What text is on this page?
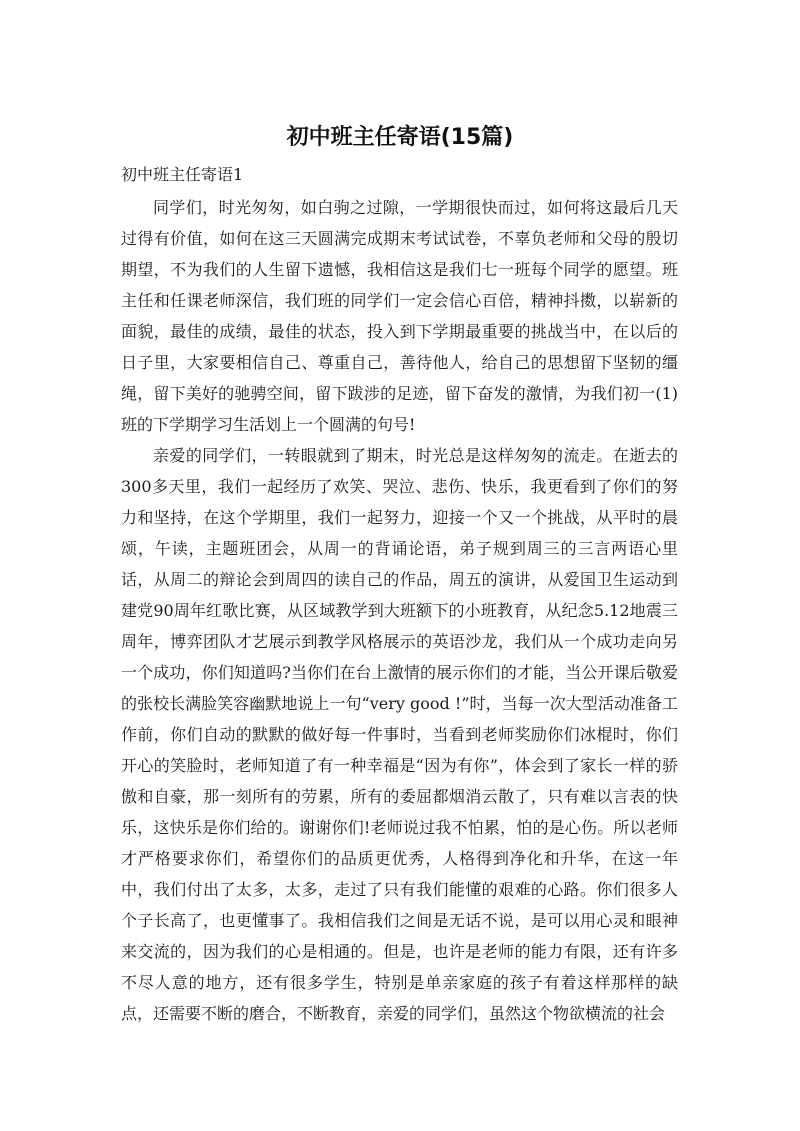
初中班主任寄语(15篇)
初中班主任寄语1

同学们，时光匆匆，如白驹之过隙，一学期很快而过，如何将这最后几天过得有价值，如何在这三天圆满完成期末考试试卷，不辜负老师和父母的殷切期望，不为我们的人生留下遗憾，我相信这是我们七一班每个同学的愿望。班主任和任课老师深信，我们班的同学们一定会信心百倍，精神抖擞，以崭新的面貌，最佳的成绩，最佳的状态，投入到下学期最重要的挑战当中，在以后的日子里，大家要相信自己、尊重自己，善待他人，给自己的思想留下坚韧的缰绳，留下美好的驰骋空间，留下跋涉的足迹，留下奋发的激情，为我们初一(1)班的下学期学习生活划上一个圆满的句号!

亲爱的同学们，一转眼就到了期末，时光总是这样匆匆的流走。在逝去的300多天里，我们一起经历了欢笑、哭泣、悲伤、快乐，我更看到了你们的努力和坚持，在这个学期里，我们一起努力，迎接一个又一个挑战，从平时的晨颂，午读，主题班团会，从周一的背诵论语，弟子规到周三的三言两语心里话，从周二的辩论会到周四的读自己的作品，周五的演讲，从爱国卫生运动到建党90周年红歌比赛，从区域教学到大班额下的小班教育，从纪念5.12地震三周年，博弈团队才艺展示到教学风格展示的英语沙龙，我们从一个成功走向另一个成功，你们知道吗?当你们在台上激情的展示你们的才能，当公开课后敬爱的张校长满脸笑容幽默地说上一句“very good !”时，当每一次大型活动准备工作前，你们自动的默默的做好每一件事时，当看到老师奖励你们冰棍时，你们开心的笑脸时，老师知道了有一种幸福是“因为有你”，体会到了家长一样的骄傲和自豪，那一刻所有的劳累，所有的委屈都烟消云散了，只有难以言表的快乐，这快乐是你们给的。谢谢你们!老师说过我不怕累，怕的是心伤。所以老师才严格要求你们，希望你们的品质更优秀，人格得到净化和升华，在这一年中，我们付出了太多，太多，走过了只有我们能懂的艰难的心路。你们很多人个子长高了，也更懂事了。我相信我们之间是无话不说，是可以用心灵和眼神来交流的，因为我们的心是相通的。但是，也许是老师的能力有限，还有许多不尽人意的地方，还有很多学生，特别是单亲家庭的孩子有着这样那样的缺点，还需要不断的磨合，不断教育，亲爱的同学们，虽然这个物欲横流的社会
